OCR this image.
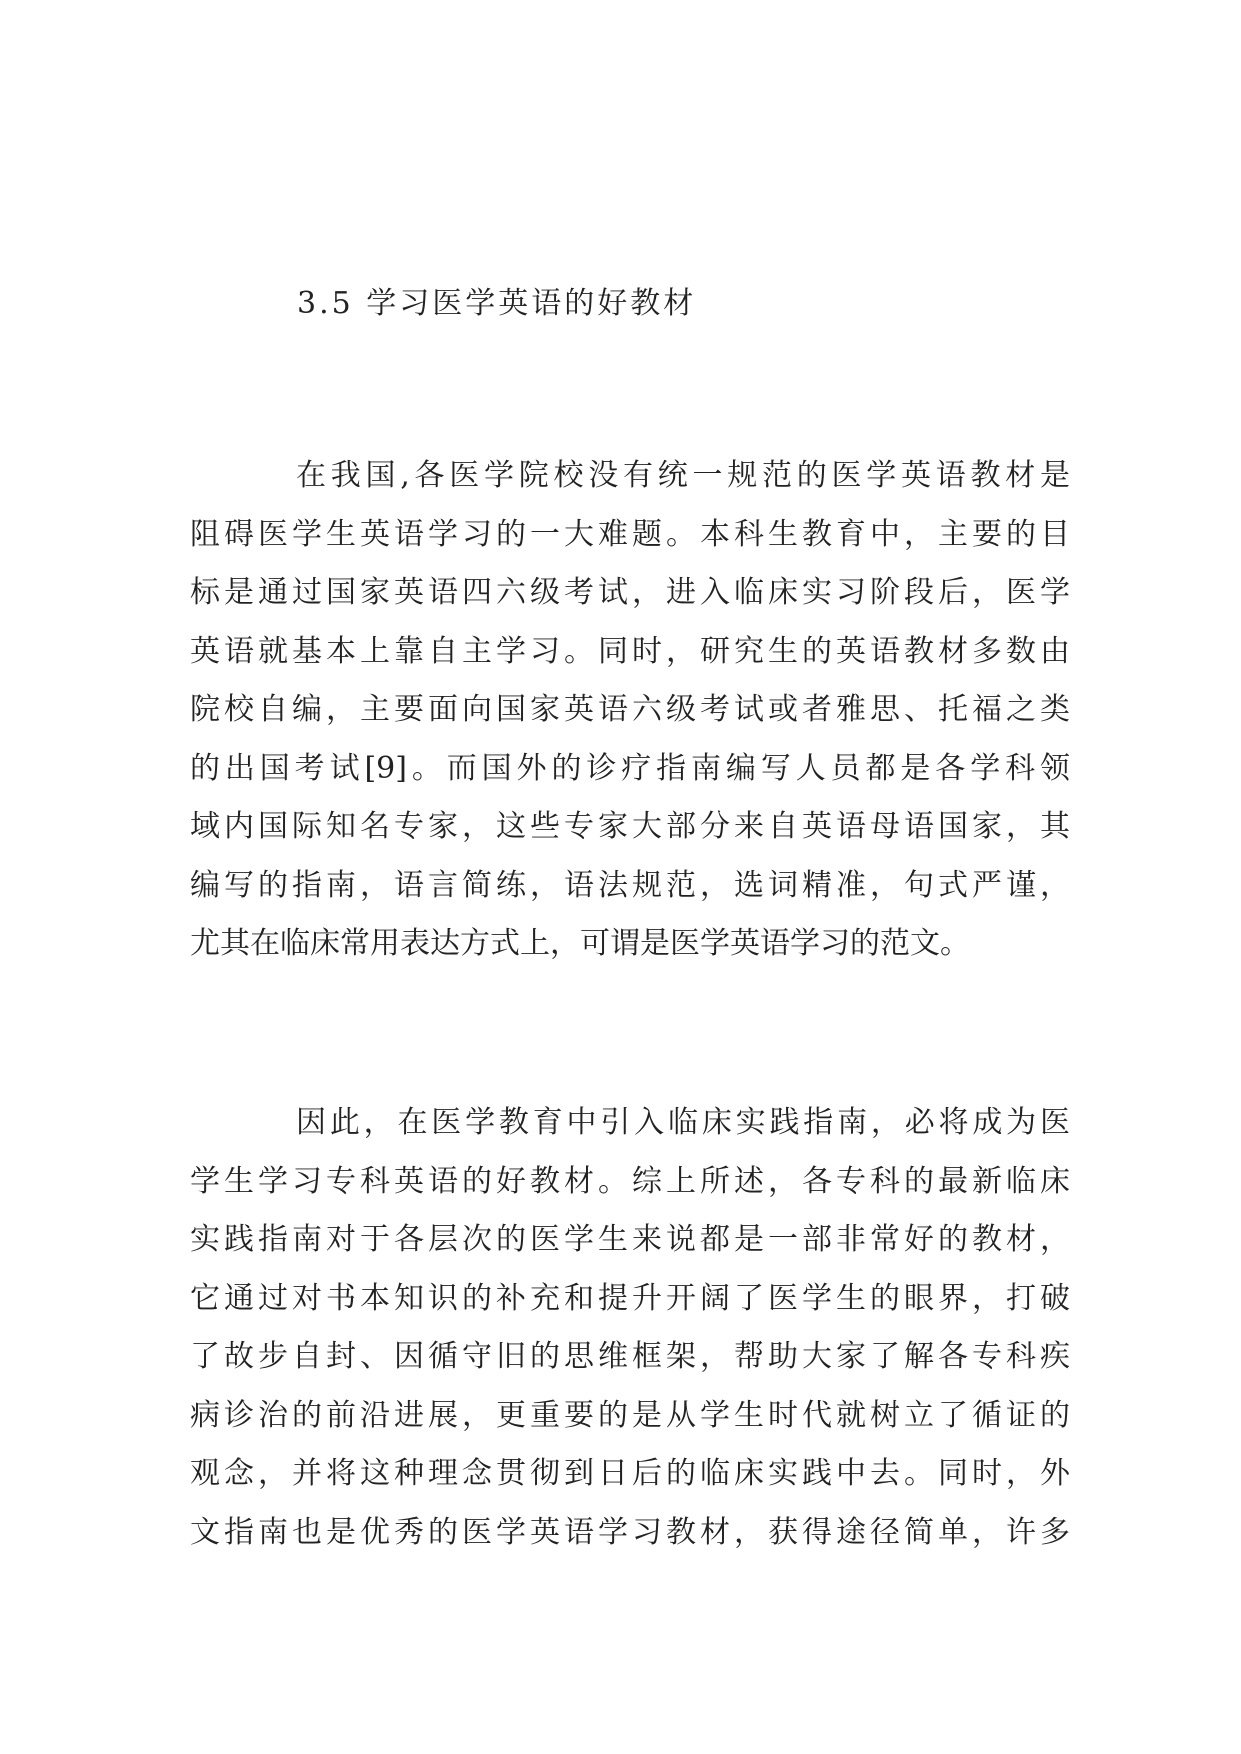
3.5 学习医学英语的好教材
在我国,各医学院校没有统一规范的医学英语教材是
阻碍医学生英语学习的一大难题。本科生教育中，主要的目
标是通过国家英语四六级考试，进入临床实习阶段后，医学
英语就基本上靠自主学习。同时，研究生的英语教材多数由
院校自编，主要面向国家英语六级考试或者雅思、托福之类
的出国考试[9]。而国外的诊疗指南编写人员都是各学科领
域内国际知名专家，这些专家大部分来自英语母语国家，其
编写的指南，语言简练，语法规范，选词精准，句式严谨，
尤其在临床常用表达方式上，可谓是医学英语学习的范文。
因此，在医学教育中引入临床实践指南，必将成为医
学生学习专科英语的好教材。综上所述，各专科的最新临床
实践指南对于各层次的医学生来说都是一部非常好的教材，
它通过对书本知识的补充和提升开阔了医学生的眼界，打破
了故步自封、因循守旧的思维框架，帮助大家了解各专科疾
病诊治的前沿进展，更重要的是从学生时代就树立了循证的
观念，并将这种理念贯彻到日后的临床实践中去。同时，外
文指南也是优秀的医学英语学习教材，获得途径简单，许多
